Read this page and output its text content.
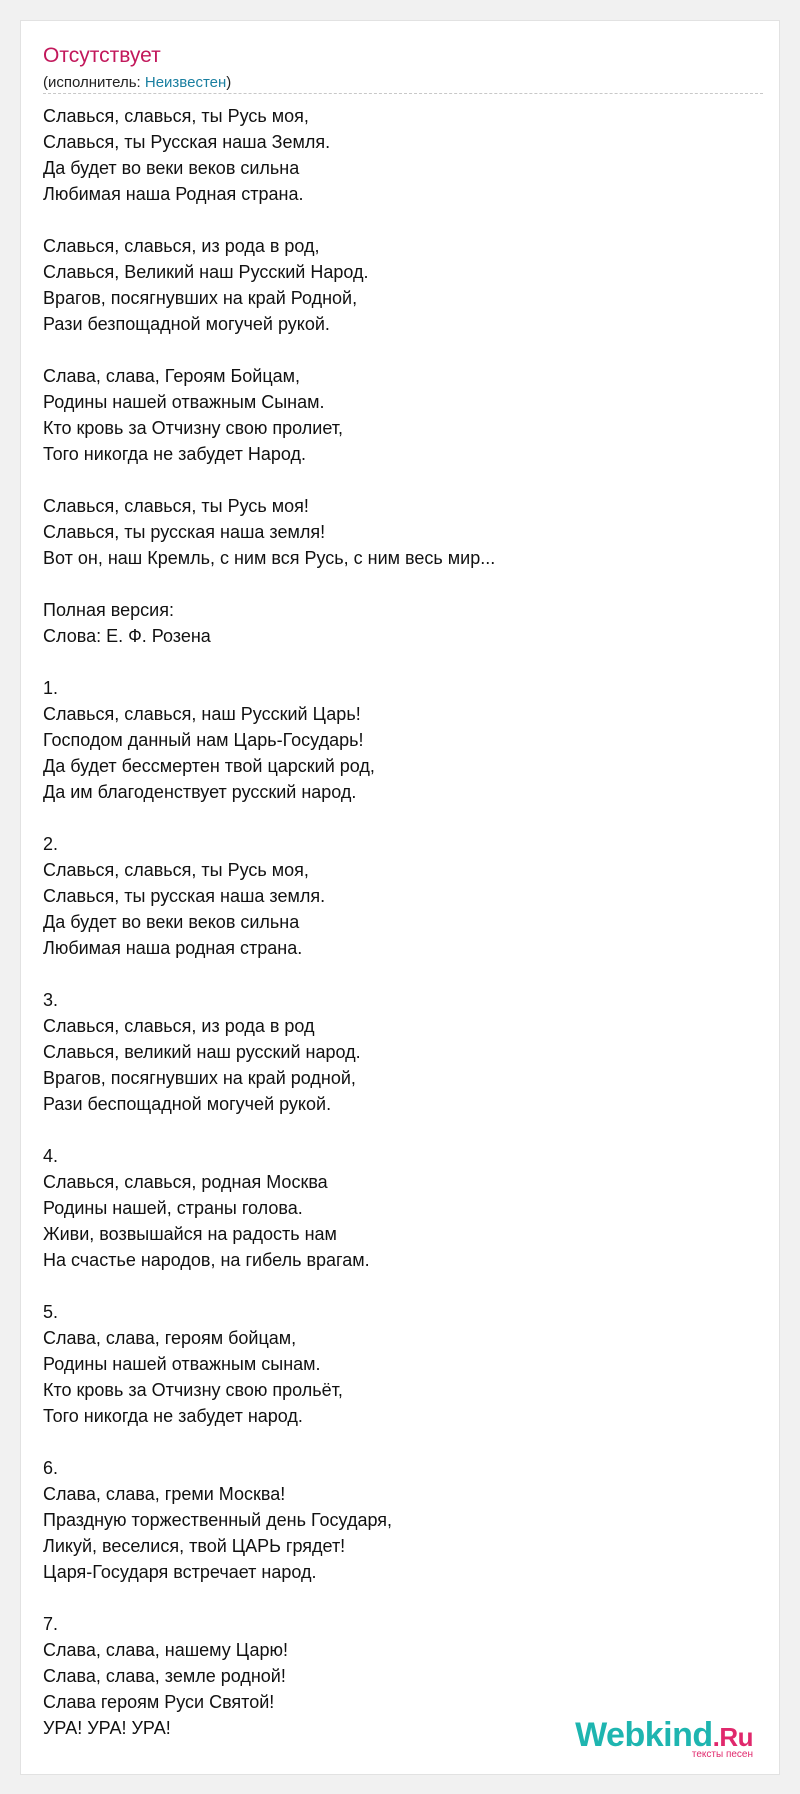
Отсутствует
(исполнитель: Неизвестен)
Славься, славься, ты Русь моя,
Славься, ты Русская наша Земля.
Да будет во веки веков сильна
Любимая наша Родная страна.

Славься, славься, из рода в род,
Славься, Великий наш Русский Народ.
Врагов, посягнувших на край Родной,
Рази безпощадной могучей рукой.

Слава, слава, Героям Бойцам,
Родины нашей отважным Сынам.
Кто кровь за Отчизну свою пролиет,
Того никогда не забудет Народ.

Славься, славься, ты Русь моя!
Славься, ты русская наша земля!
Вот он, наш Кремль, с ним вся Русь, с ним весь мир...

Полная версия:
Слова: Е. Ф. Розена

1.
Славься, славься, наш Русский Царь!
Господом данный нам Царь-Государь!
Да будет бессмертен твой царский род,
Да им благоденствует русский народ.

2.
Славься, славься, ты Русь моя,
Славься, ты русская наша земля.
Да будет во веки веков сильна
Любимая наша родная страна.

3.
Славься, славься, из рода в род
Славься, великий наш русский народ.
Врагов, посягнувших на край родной,
Рази беспощадной могучей рукой.

4.
Славься, славься, родная Москва
Родины нашей, страны голова.
Живи, возвышайся на радость нам
На счастье народов, на гибель врагам.

5.
Слава, слава, героям бойцам,
Родины нашей отважным сынам.
Кто кровь за Отчизну свою прольёт,
Того никогда не забудет народ.

6.
Слава, слава, греми Москва!
Праздную торжественный день Государя,
Ликуй, веселися, твой ЦАРЬ грядет!
Царя-Государя встречает народ.

7.
Слава, слава, нашему Царю!
Слава, слава, земле родной!
Слава героям Руси Святой!
УРА! УРА! УРА!	Webkind.Ru
тексты песен
